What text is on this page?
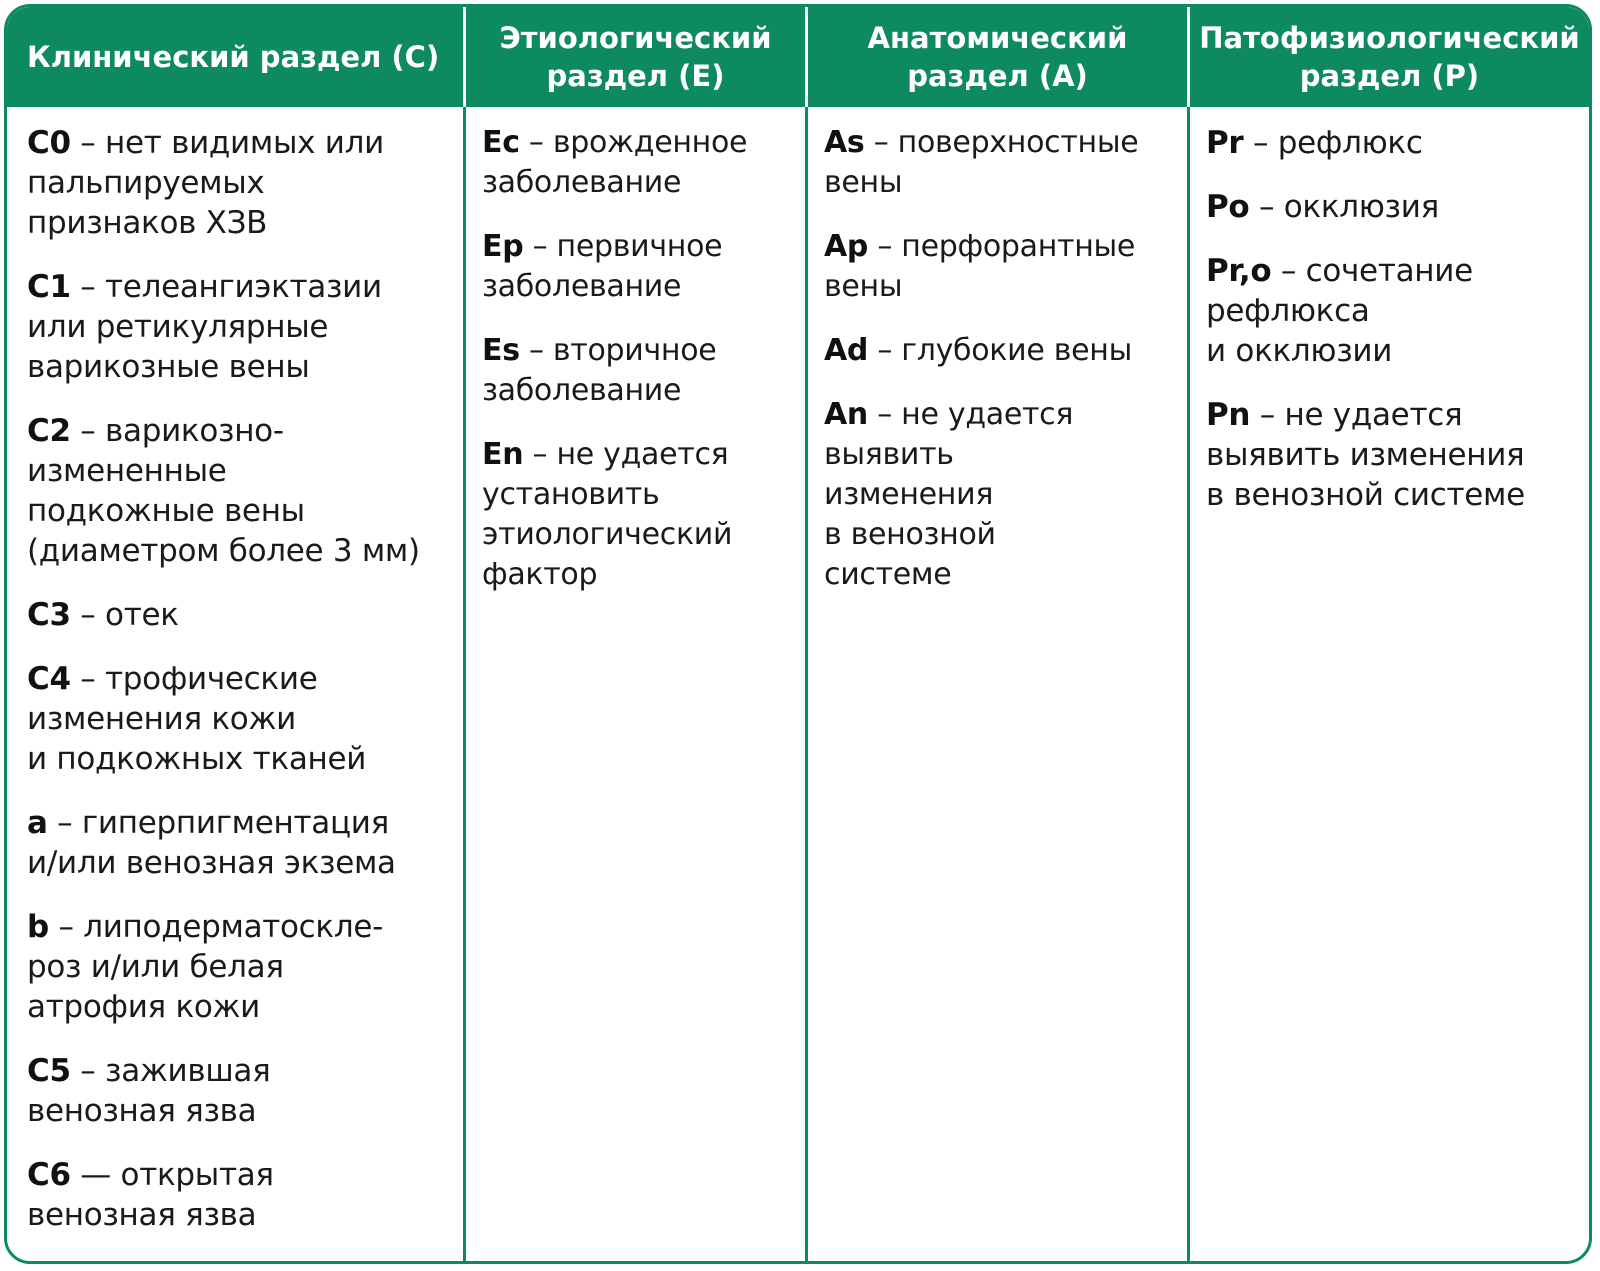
Клинический раздел (C)
Этиологический
раздел (E)
Анатомический
раздел (A)
Патофизиологический
раздел (P)

C0 – нет видимых или
пальпируемых
признаков ХЗВ

C1 – телеангиэктазии
или ретикулярные
варикозные вены

C2 – варикозно-
измененные
подкожные вены
(диаметром более 3 мм)

C3 – отек

C4 – трофические
изменения кожи
и подкожных тканей

a – гиперпигментация
и/или венозная экзема

b – липодерматоскле-
роз и/или белая
атрофия кожи

C5 – зажившая
венозная язва

C6 — открытая
венозная язва

Ec – врожденное
заболевание

Ep – первичное
заболевание

Es – вторичное
заболевание

En – не удается
установить
этиологический
фактор

As – поверхностные
вены

Ap – перфорантные
вены

Ad – глубокие вены

An – не удается
выявить
изменения
в венозной
системе

Pr – рефлюкс

Po – окклюзия

Pr,o – сочетание
рефлюкса
и окклюзии

Pn – не удается
выявить изменения
в венозной системе
